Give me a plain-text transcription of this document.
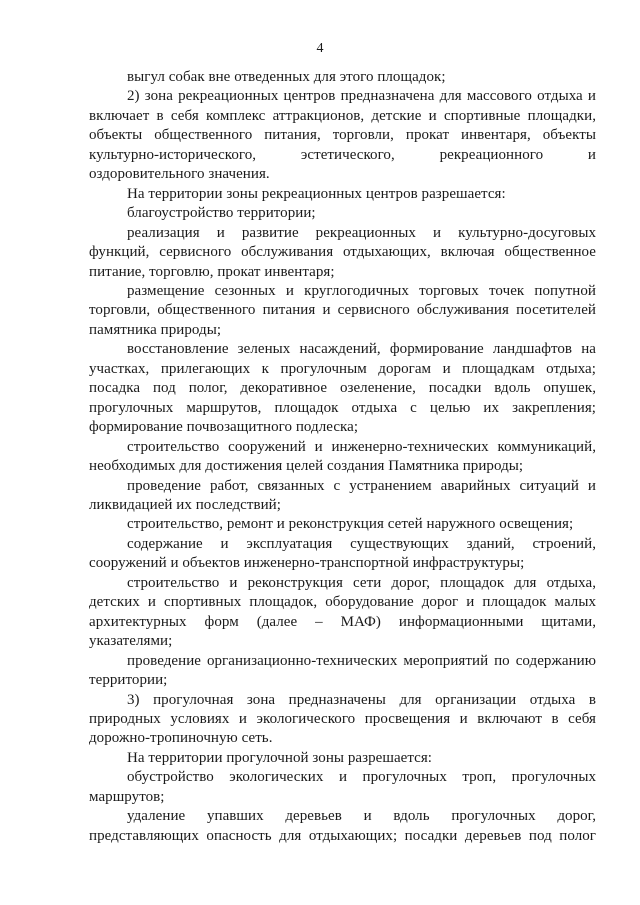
4
выгул собак вне отведенных для этого площадок;
2) зона рекреационных центров предназначена для массового отдыха и
включает в себя комплекс аттракционов, детские и спортивные площадки,
объекты общественного питания, торговли, прокат инвентаря, объекты
культурно-исторического, эстетического, рекреационного и
оздоровительного значения.
На территории зоны рекреационных центров разрешается:
благоустройство территории;
реализация и развитие рекреационных и культурно-досуговых
функций, сервисного обслуживания отдыхающих, включая общественное
питание, торговлю, прокат инвентаря;
размещение сезонных и круглогодичных торговых точек попутной
торговли, общественного питания и сервисного обслуживания посетителей
памятника природы;
восстановление зеленых насаждений, формирование ландшафтов на
участках, прилегающих к прогулочным дорогам и площадкам отдыха;
посадка под полог, декоративное озеленение, посадки вдоль опушек,
прогулочных маршрутов, площадок отдыха с целью их закрепления;
формирование почвозащитного подлеска;
строительство сооружений и инженерно-технических коммуникаций,
необходимых для достижения целей создания Памятника природы;
проведение работ, связанных с устранением аварийных ситуаций и
ликвидацией их последствий;
строительство, ремонт и реконструкция сетей наружного освещения;
содержание и эксплуатация существующих зданий, строений,
сооружений и объектов инженерно-транспортной инфраструктуры;
строительство и реконструкция сети дорог, площадок для отдыха,
детских и спортивных площадок, оборудование дорог и площадок малых
архитектурных форм (далее – МАФ) информационными щитами,
указателями;
проведение организационно-технических мероприятий по содержанию
территории;
3) прогулочная зона предназначены для организации отдыха в
природных условиях и экологического просвещения и включают в себя
дорожно-тропиночную сеть.
На территории прогулочной зоны разрешается:
обустройство экологических и прогулочных троп, прогулочных
маршрутов;
удаление упавших деревьев и вдоль прогулочных дорог,
представляющих опасность для отдыхающих; посадки деревьев под полог
